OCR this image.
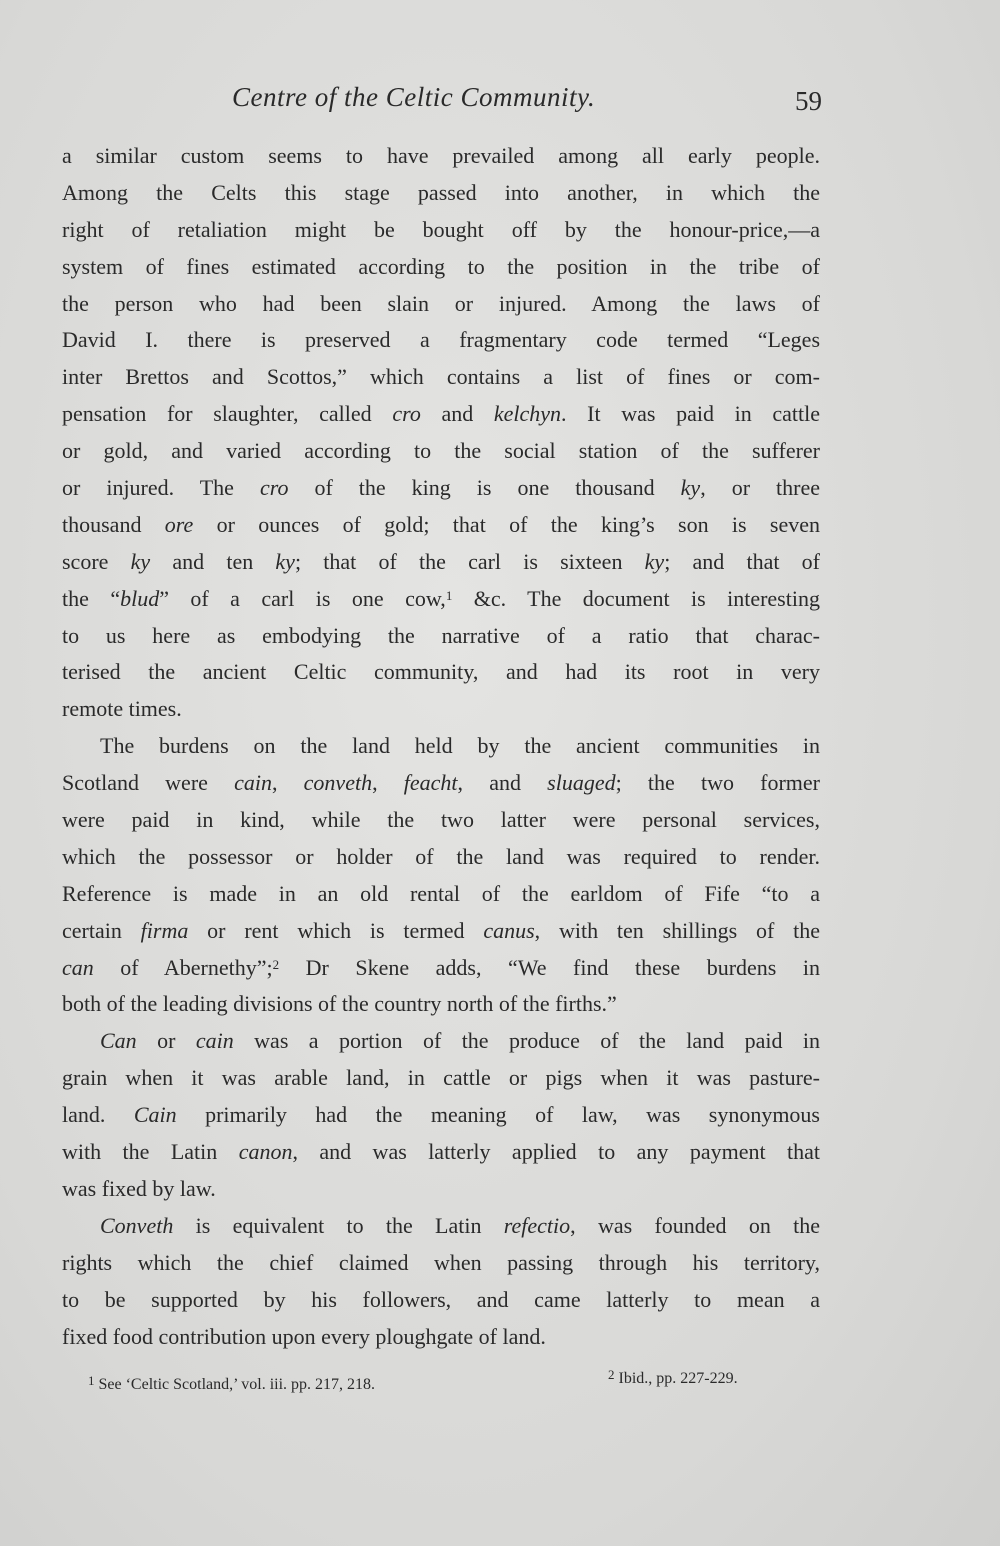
Centre of the Celtic Community.	59
a similar custom seems to have prevailed among all early people.
Among the Celts this stage passed into another, in which the
right of retaliation might be bought off by the honour-price,—a
system of fines estimated according to the position in the tribe of
the person who had been slain or injured. Among the laws of
David I. there is preserved a fragmentary code termed “Leges
inter Brettos and Scottos,” which contains a list of fines or com-
pensation for slaughter, called cro and kelchyn. It was paid in cattle
or gold, and varied according to the social station of the sufferer
or injured. The cro of the king is one thousand ky, or three
thousand ore or ounces of gold; that of the king’s son is seven
score ky and ten ky; that of the carl is sixteen ky; and that of
the “blud” of a carl is one cow,$^1$ &c. The document is interesting
to us here as embodying the narrative of a ratio that charac-
terised the ancient Celtic community, and had its root in very
remote times.
The burdens on the land held by the ancient communities in
Scotland were cain, conveth, feacht, and sluaged; the two former
were paid in kind, while the two latter were personal services,
which the possessor or holder of the land was required to render.
Reference is made in an old rental of the earldom of Fife “to a
certain firma or rent which is termed canus, with ten shillings of the
can of Abernethy”;$^2$ Dr Skene adds, “We find these burdens in
both of the leading divisions of the country north of the firths.”
Can or cain was a portion of the produce of the land paid in
grain when it was arable land, in cattle or pigs when it was pasture-
land. Cain primarily had the meaning of law, was synonymous
with the Latin canon, and was latterly applied to any payment that
was fixed by law.
Conveth is equivalent to the Latin refectio, was founded on the
rights which the chief claimed when passing through his territory,
to be supported by his followers, and came latterly to mean a
fixed food contribution upon every ploughgate of land.
$^1$ See ‘Celtic Scotland,’ vol. iii. pp. 217, 218.
$^2$ Ibid., pp. 227-229.
